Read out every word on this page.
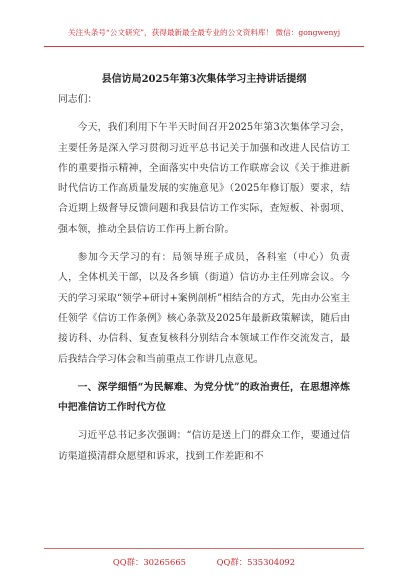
关注头条号“公文研究”，获得最新最全最专业的公文资料库！ 微信：gongwenyj
县信访局2025年第3次集体学习主持讲话提纲

同志们：

今天，我们利用下午半天时间召开2025年第3次集体学习会，主要任务是深入学习贯彻习近平总书记关于加强和改进人民信访工作的重要指示精神，全面落实中央信访工作联席会议《关于推进新时代信访工作高质量发展的实施意见》（2025年修订版）要求，结合近期上级督导反馈问题和我县信访工作实际，查短板、补弱项、强本领，推动全县信访工作再上新台阶。

参加今天学习的有：局领导班子成员，各科室（中心）负责人，全体机关干部，以及各乡镇（街道）信访办主任列席会议。今天的学习采取“领学+研讨+案例剖析”相结合的方式，先由办公室主任领学《信访工作条例》核心条款及2025年最新政策解读，随后由接访科、办信科、复查复核科分别结合本领域工作作交流发言，最后我结合学习体会和当前重点工作讲几点意见。

一、深学细悟“为民解难、为党分忧”的政治责任，在思想淬炼中把准信访工作时代方位

习近平总书记多次强调：“信访是送上门的群众工作，要通过信访渠道摸清群众愿望和诉求，找到工作差距和不

QQ群：30265665	QQ群：535304092
